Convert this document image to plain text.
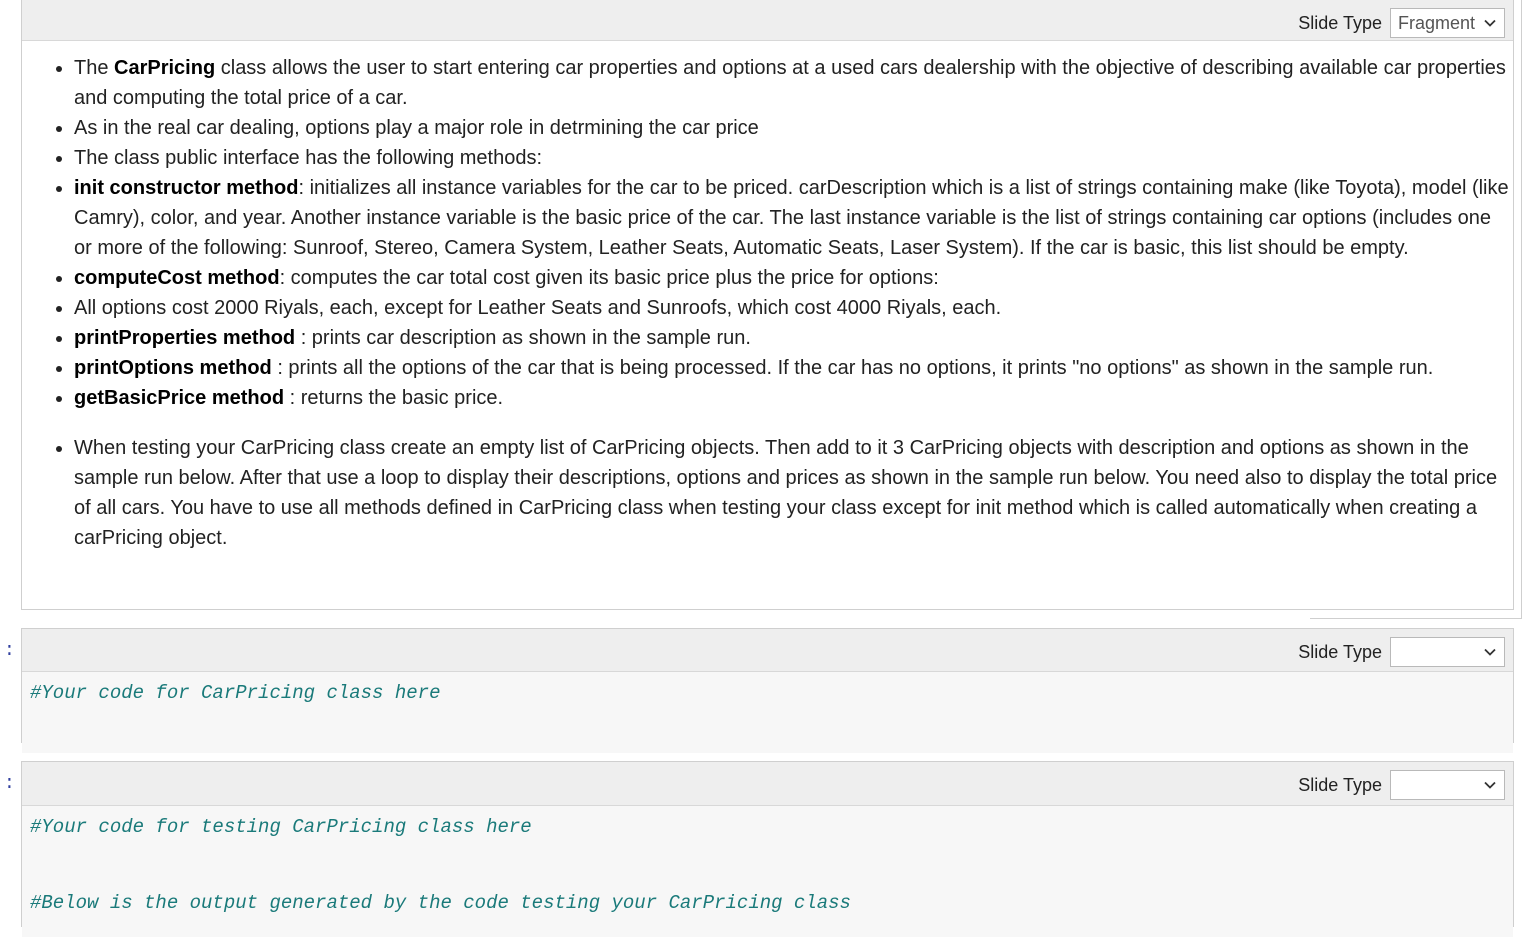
Slide Type Fragment
• The CarPricing class allows the user to start entering car properties and options at a used cars dealership with the objective of describing available car properties and computing the total price of a car.
• As in the real car dealing, options play a major role in detrmining the car price
• The class public interface has the following methods:
• init constructor method: initializes all instance variables for the car to be priced. carDescription which is a list of strings containing make (like Toyota), model (like Camry), color, and year. Another instance variable is the basic price of the car. The last instance variable is the list of strings containing car options (includes one or more of the following: Sunroof, Stereo, Camera System, Leather Seats, Automatic Seats, Laser System). If the car is basic, this list should be empty.
• computeCost method: computes the car total cost given its basic price plus the price for options:
• All options cost 2000 Riyals, each, except for Leather Seats and Sunroofs, which cost 4000 Riyals, each.
• printProperties method : prints car description as shown in the sample run.
• printOptions method : prints all the options of the car that is being processed. If the car has no options, it prints "no options" as shown in the sample run.
• getBasicPrice method : returns the basic price.
• When testing your CarPricing class create an empty list of CarPricing objects. Then add to it 3 CarPricing objects with description and options as shown in the sample run below. After that use a loop to display their descriptions, options and prices as shown in the sample run below. You need also to display the total price of all cars. You have to use all methods defined in CarPricing class when testing your class except for init method which is called automatically when creating a carPricing object.
:	Slide Type
#Your code for CarPricing class here
:	Slide Type
#Your code for testing CarPricing class here
#Below is the output generated by the code testing your CarPricing class
